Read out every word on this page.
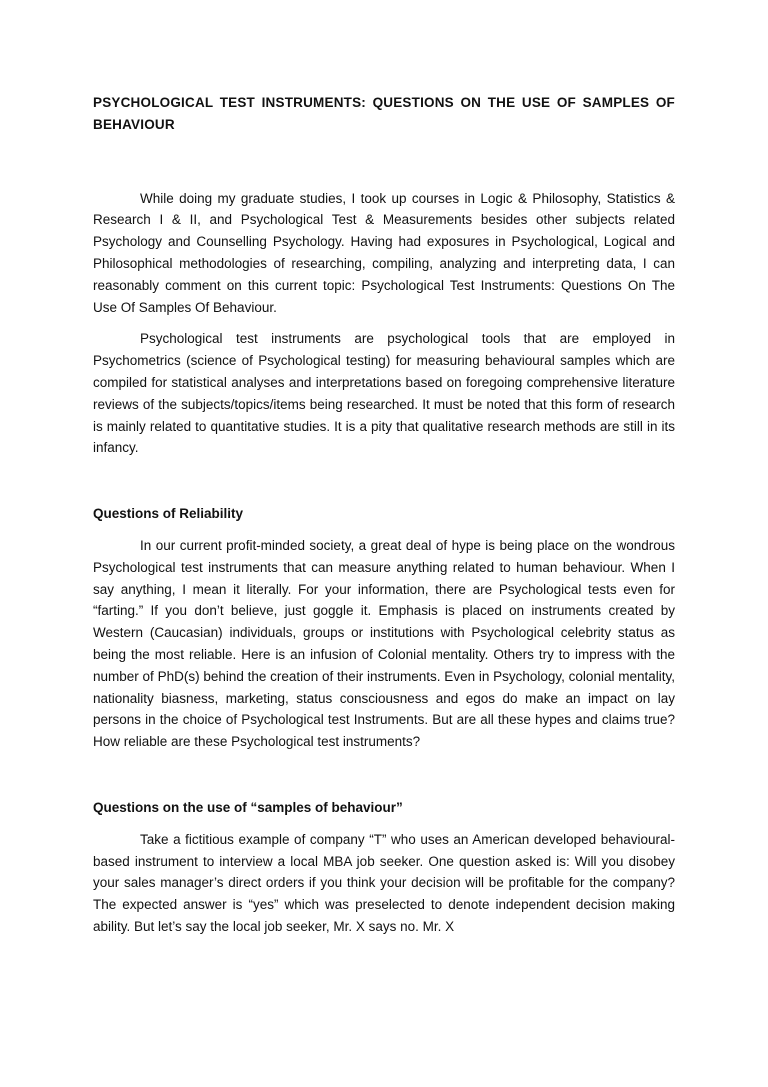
PSYCHOLOGICAL TEST INSTRUMENTS: QUESTIONS ON THE USE OF SAMPLES OF BEHAVIOUR

While doing my graduate studies, I took up courses in Logic & Philosophy, Statistics & Research I & II, and Psychological Test & Measurements besides other subjects related Psychology and Counselling Psychology. Having had exposures in Psychological, Logical and Philosophical methodologies of researching, compiling, analyzing and interpreting data, I can reasonably comment on this current topic: Psychological Test Instruments: Questions On The Use Of Samples Of Behaviour.

Psychological test instruments are psychological tools that are employed in Psychometrics (science of Psychological testing) for measuring behavioural samples which are compiled for statistical analyses and interpretations based on foregoing comprehensive literature reviews of the subjects/topics/items being researched. It must be noted that this form of research is mainly related to quantitative studies. It is a pity that qualitative research methods are still in its infancy.

Questions of Reliability

In our current profit-minded society, a great deal of hype is being place on the wondrous Psychological test instruments that can measure anything related to human behaviour. When I say anything, I mean it literally. For your information, there are Psychological tests even for “farting.” If you don’t believe, just goggle it. Emphasis is placed on instruments created by Western (Caucasian) individuals, groups or institutions with Psychological celebrity status as being the most reliable. Here is an infusion of Colonial mentality. Others try to impress with the number of PhD(s) behind the creation of their instruments. Even in Psychology, colonial mentality, nationality biasness, marketing, status consciousness and egos do make an impact on lay persons in the choice of Psychological test Instruments. But are all these hypes and claims true? How reliable are these Psychological test instruments?

Questions on the use of “samples of behaviour”

Take a fictitious example of company “T” who uses an American developed behavioural-based instrument to interview a local MBA job seeker. One question asked is: Will you disobey your sales manager’s direct orders if you think your decision will be profitable for the company? The expected answer is “yes” which was preselected to denote independent decision making ability. But let’s say the local job seeker, Mr. X says no. Mr. X
